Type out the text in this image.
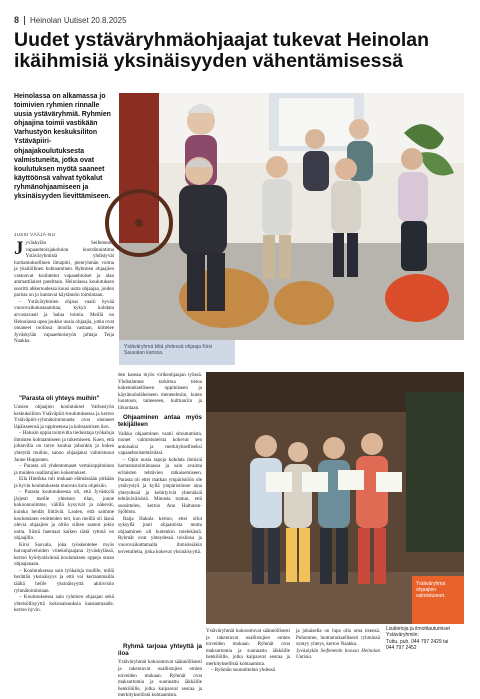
8 Heinolan Uutiset 20.8.2025
Uudet ystäväryhmäohjaajat tukevat Heinolan ikäihmisiä yksinäisyyden vähentämisessä
Heinolassa on alkamassa jo toimivien ryhmien rinnalle uusia ystäväryhmiä. Ryhmien ohjaajina toimii vastikään Varhustyön keskuksiliton Ystäväpiiri-ohjaajakoulutuksesta valmistuneita, jotka ovat koulutuksen myötä saaneet käyttöönsä vahvat työkalut ryhmänohjaamiseen ja yksinäisyyden lievittämiseen.
JUSSI VÄÄJÄ-NU

Jyväskylän Seifemenin vapaaehtoisjakolulon koordinointima Ystäväryhmistä yhdistyvät luottamuksellinen ilmapiiri, pienryhmän voima ja yksilöllinen kohtaaminen. Ryhmien ohjaajien vastuuvat koulutetut vapaaehtoiset ja alan ammattilaiset pareittain. Heinolassa koulutuksen suoritti ahkeruudessa kuusi uutta ohjaajaa, joiden parista on jo kantavat käytännön toimintaan.

– Ystäväryhmien ohjaus vaatii hyvää vuorovaikutustaamitaa, kykyä kohdata arvostavasti ja halua toimia. Meillä on Heinolassa upea joukko uusia ohjaajia, jotka ovat omaneet roolinsa innolla vastaan, kiittelee Jyväskylän vapaaehtoistyön johtaja Teija Naakka.

"Parasta oli yhteys muihin"

Uusien ohjaajien koulutukset Varhustyön keskuksiliton Ystäväpiiri-koulutuksessa ja kertoo Ystäväpiiri-ryhmätoiminnasta ovat olenneet läpäisseensä ja oppineensa ja kohtaamisen ilon.

– Halusin oppia toimivilta tiedoistaja työkaluja ihmisten kohtaamiseen ja tukemiseen. Koen, että johtavilla on tarve kuulua johonkin ja kokea yhteyttä muihin, sanoo ohjaajaksi valmistunut Janne Huppunen.

– Parasta oli yhdentomaset vertaisoppiminen ja muiden osallistujien kokemukset.

Eila Hintikka tuli mukaan elämässään pitkään ja hyvin koulutuksesta muovan kuin ohjeisiin.

– Parasta koulutuksessa oli, että Jyväskylä järjesti meille yhteisen tilan, jonne kokoonnuimme, välillä kysyivät ja näkevät, kuinka heidät liittävät. Laulen, että saimme koulutuksen eroitteiden teit, kun meillä oli läsnä olevia ohjaajien ja oltiin siihen saanut jokin uutta. Siistä haemaat kaiken tästä ryhmä on ohjaajilla.

Kirsi Sauvala, joka työskentelee myös huivapalveluiden viitekohjaajana Jyväskylässä, kertoo hyödyntävänsä koulutuksen oppeja oman ohjaajanaan.

– Koulutuksessa sain työkaluja muillle, millä herättää yksinäisyys ja että voi kertaanmailla täältä heille yksinäisyyttä aktiivisiin ryhmätoimintaan.

– Koulutuksessa sain ryhmien ohjaajan sekä yhteisöllisyyttä kokonaisuuksia kansanmaalle, kertoo hyvin.

den kanssa myös virikeohjaajan työssä. Yhdistämme tarkittua tietoa kokemukselliseen oppimiseen ja käytännönläheiseen menetelmiin, kuten luontoon, taiteeseen, kulttuuriin ja liikuntaan.

Ohjaaminen antaa myös tekijälleen

Vaikka ohjaaminen vaatii sitoutumista, monet valmistuneista kokevat sen antoisaksi ja merkitykselliseksi vapaaehtoistehtäväksi.

– Opin uusia tapoja kohdata ihmisiä harrastustoiminnassa ja sain avainta erilaisten tehtävien ratkaisemiseen. Parasta oli ettei matkan ympäristöön ole ystävystyä ja kyllä ympäristönne aina yhteydessä ja kehittyivät yhtenäisiä tehtäväväisistä. Minusta tuntuu, että suosittelen, kertoo Anu Haltunen-Sjöblom.

Raija Hakala kertoo, ettei ollut syksyllä juuri ohjaamista mutta ohjaaminen oli kuitenkin mielekästä. Ryhmät ovat yhteydessä toisiinsa ja vuorovaikuttamalla ihmisissäkin tervetulleita, jotka kokevat yksinäisyyttä.

Ryhmä tarjoaa yhteyttä ja iloa

Ystäväryhmät kokoontuvat säännöllisesti ja rakentuvat osallistujien omien toiveiden mukaan. Ryhmät ovat maksuttomia ja suunnattu iäkkäille henkilöille, jotka kaipaavat seuraa ja merkityksellistä kohtaamista.

Ystäväryhmät kokoontuvat säännöllisesti ja rakentuvat osallistujien omien toiveiden mukaan. Ryhmät ovat maksuttomia ja suunnattu iäkkäille henkilöille, jotka kaipaavat seuraa ja merkityksellistä kohtaamista.

– Ryhmän suunnittelun yhdessä

ja jokaisella on lupa olla oma itsensä. Puhumme, luottamuksellisesti ryhmässä syntyy yhteys, kertoo Naakka.

Jyväskylän Seifemenin hoossa Heinolan Uutisia.

Ystäväryhmä kiitä yhdessä ohjaaja Kirsi Sauvalan kanssa.
Ystäväryhmä ohjaajien valmistuneet.
Lisätietoja ja ilmoittautumiset
Ystäväryhmiin:
Tuttu, puh. 044 797 2429 tai
044 797 2452
